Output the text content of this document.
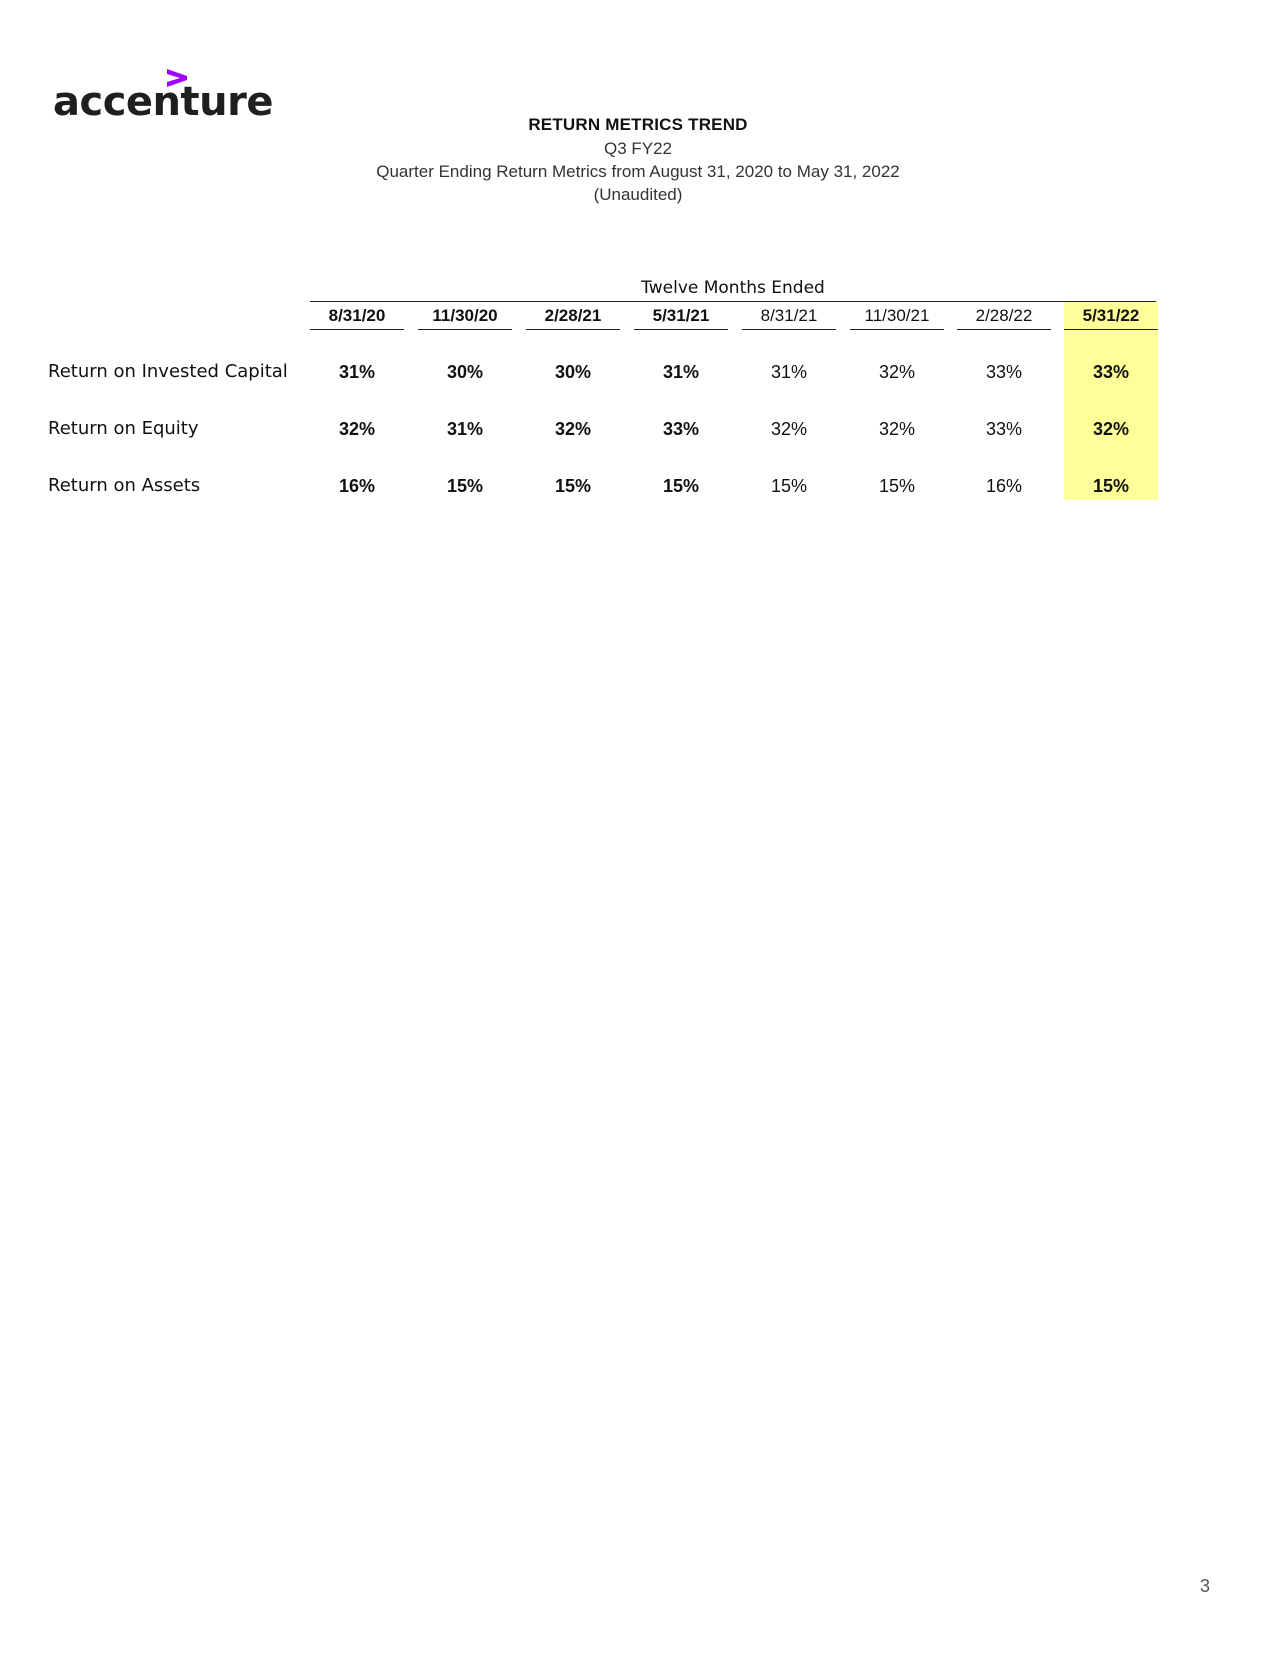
accenture	RETURN METRICS TREND
Q3 FY22
Quarter Ending Return Metrics from August 31, 2020 to May 31, 2022
(Unaudited)
Twelve Months Ended
8/31/20	11/30/20	2/28/21	5/31/21	8/31/21	11/30/21	2/28/22	5/31/22
Return on Invested Capital	31%	30%	30%	31%	31%	32%	33%	33%
Return on Equity	32%	31%	32%	33%	32%	32%	33%	32%
Return on Assets	16%	15%	15%	15%	15%	15%	16%	15%
3
